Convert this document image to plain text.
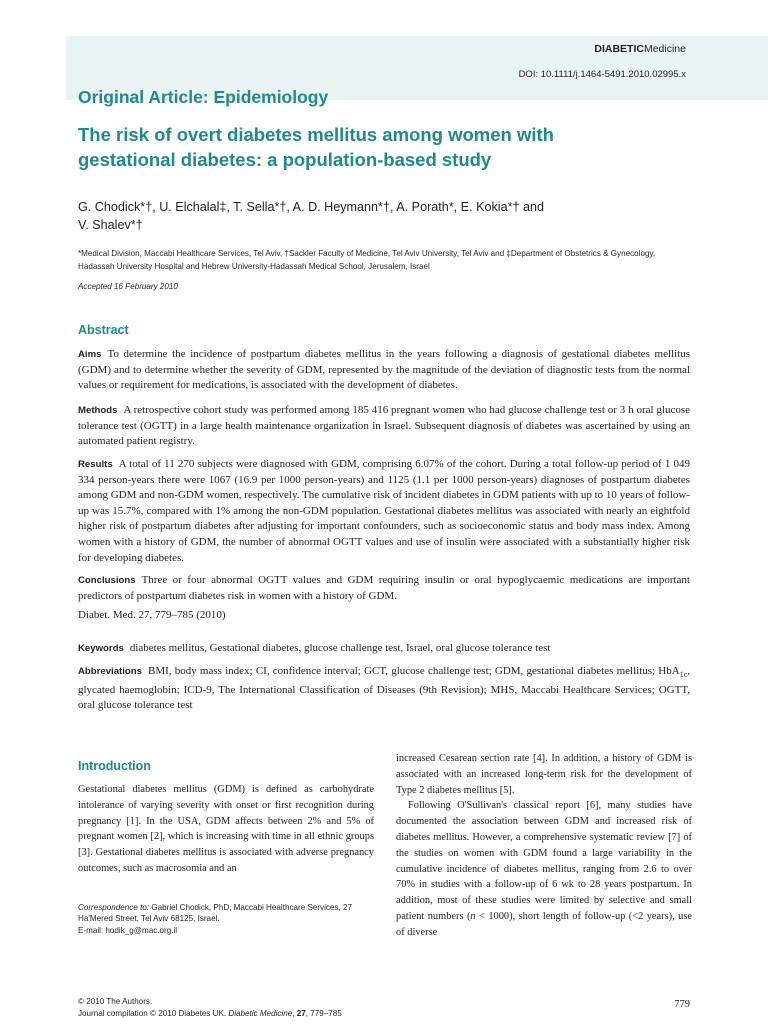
DIABETICMedicine
DOI: 10.1111/j.1464-5491.2010.02995.x
Original Article: Epidemiology
The risk of overt diabetes mellitus among women with
gestational diabetes: a population-based study
G. Chodick*†, U. Elchalal‡, T. Sella*†, A. D. Heymann*†, A. Porath*, E. Kokia*† and
V. Shalev*†
*Medical Division, Maccabi Healthcare Services, Tel Aviv, †Sackler Faculty of Medicine, Tel Aviv University, Tel Aviv and ‡Department of Obstetrics & Gynecology,
Hadassah University Hospital and Hebrew University-Hadassah Medical School, Jerusalem, Israel
Accepted 16 February 2010
Abstract
Aims To determine the incidence of postpartum diabetes mellitus in the years following a diagnosis of gestational diabetes mellitus (GDM) and to determine whether the severity of GDM, represented by the magnitude of the deviation of diagnostic tests from the normal values or requirement for medications, is associated with the development of diabetes.
Methods A retrospective cohort study was performed among 185 416 pregnant women who had glucose challenge test or 3 h oral glucose tolerance test (OGTT) in a large health maintenance organization in Israel. Subsequent diagnosis of diabetes was ascertained by using an automated patient registry.
Results A total of 11 270 subjects were diagnosed with GDM, comprising 6.07% of the cohort. During a total follow-up period of 1 049 334 person-years there were 1067 (16.9 per 1000 person-years) and 1125 (1.1 per 1000 person-years) diagnoses of postpartum diabetes among GDM and non-GDM women, respectively. The cumulative risk of incident diabetes in GDM patients with up to 10 years of follow-up was 15.7%, compared with 1% among the non-GDM population. Gestational diabetes mellitus was associated with nearly an eightfold higher risk of postpartum diabetes after adjusting for important confounders, such as socioeconomic status and body mass index. Among women with a history of GDM, the number of abnormal OGTT values and use of insulin were associated with a substantially higher risk for developing diabetes.
Conclusions Three or four abnormal OGTT values and GDM requiring insulin or oral hypoglycaemic medications are important predictors of postpartum diabetes risk in women with a history of GDM.
Diabet. Med. 27, 779–785 (2010)
Keywords diabetes mellitus, Gestational diabetes, glucose challenge test, Israel, oral glucose tolerance test
Abbreviations BMI, body mass index; CI, confidence interval; GCT, glucose challenge test; GDM, gestational diabetes mellitus; HbA$_{1c}$, glycated haemoglobin; ICD-9, The International Classification of Diseases (9th Revision); MHS, Maccabi Healthcare Services; OGTT, oral glucose tolerance test
Introduction
Gestational diabetes mellitus (GDM) is defined as carbohydrate intolerance of varying severity with onset or first recognition during pregnancy [1]. In the USA, GDM affects between 2% and 5% of pregnant women [2], which is increasing with time in all ethnic groups [3]. Gestational diabetes mellitus is associated with adverse pregnancy outcomes, such as macrosomia and an
increased Cesarean section rate [4]. In addition, a history of GDM is associated with an increased long-term risk for the development of Type 2 diabetes mellitus [5].
Following O'Sullivan's classical report [6], many studies have documented the association between GDM and increased risk of diabetes mellitus. However, a comprehensive systematic review [7] of the studies on women with GDM found a large variability in the cumulative incidence of diabetes mellitus, ranging from 2.6 to over 70% in studies with a follow-up of 6 wk to 28 years postpartum. In addition, most of these studies were limited by selective and small patient numbers (n < 1000), short length of follow-up (<2 years), use of diverse
Correspondence to: Gabriel Chodick, PhD, Maccabi Healthcare Services, 27 Ha'Mered Street, Tel Aviv 68125, Israel.
E-mail: hodik_g@mac.org.il
© 2010 The Authors.
Journal compilation © 2010 Diabetes UK. Diabetic Medicine, 27, 779–785
779
